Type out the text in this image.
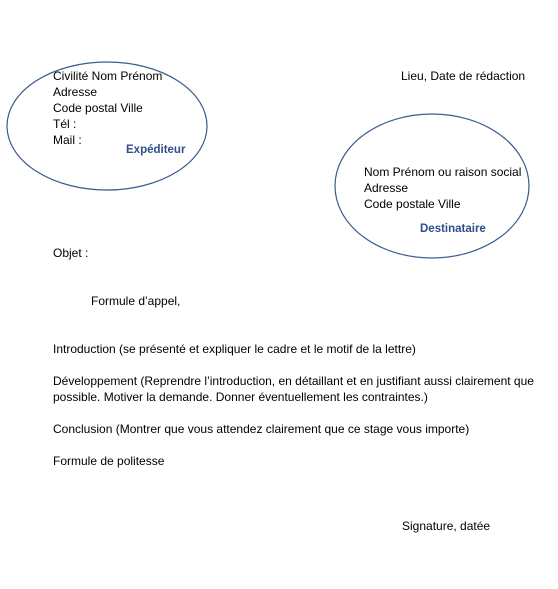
Civilité Nom Prénom
Adresse
Code postal Ville
Tél :
Mail :
Expéditeur
Lieu, Date de rédaction
Nom Prénom ou raison social
Adresse
Code postale Ville
Destinataire
Objet :
Formule d’appel,
Introduction (se présenté et expliquer le cadre et le motif de la lettre)
Développement (Reprendre l’introduction, en détaillant et en justifiant aussi clairement que possible. Motiver la demande. Donner éventuellement les contraintes.)
Conclusion (Montrer que vous attendez clairement que ce stage vous importe)
Formule de politesse
Signature, datée
